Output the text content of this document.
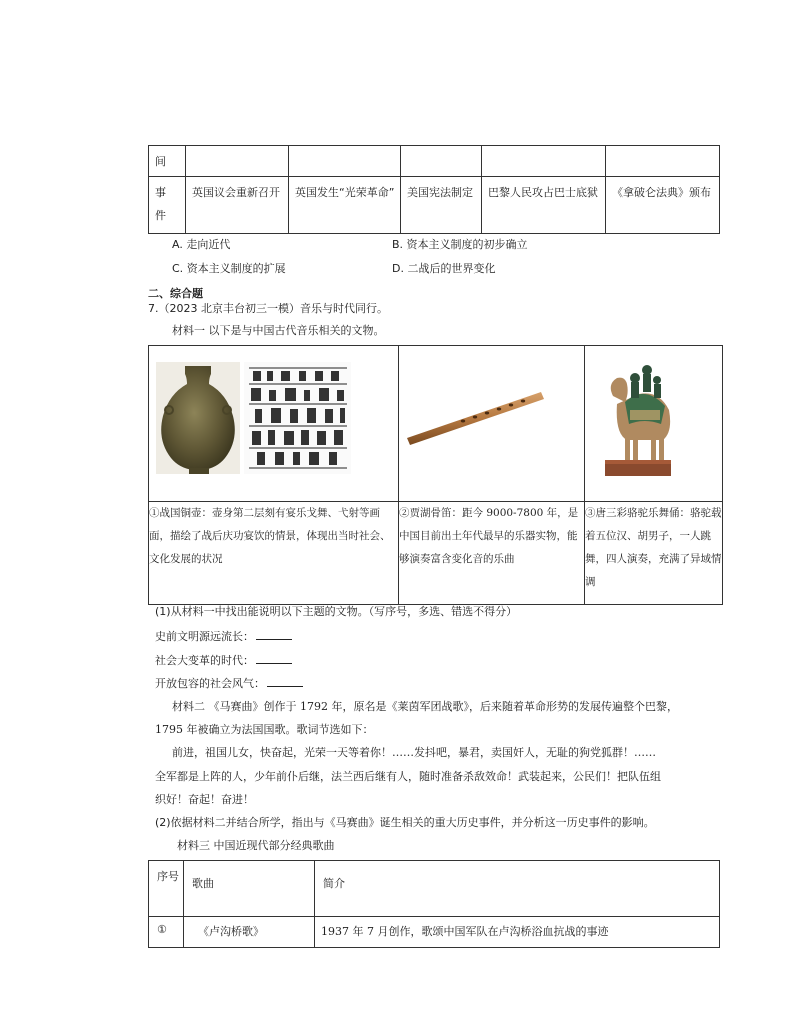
间					
事件	英国议会重新召开	英国发生“光荣革命”	美国宪法制定	巴黎人民攻占巴士底狱	《拿破仑法典》颁布
A. 走向近代	B. 资本主义制度的初步确立
C. 资本主义制度的扩展	D. 二战后的世界变化
二、综合题
7.（2023 北京丰台初三一模）音乐与时代同行。
材料一 以下是与中国古代音乐相关的文物。

①战国铜壶：壶身第二层刻有宴乐戈舞、弋射等画面，描绘了战后庆功宴饮的情景，体现出当时社会、文化发展的状况	②贾湖骨笛：距今 9000-7800 年，是中国目前出土年代最早的乐器实物，能够演奏富含变化音的乐曲	③唐三彩骆驼乐舞俑：骆驼载着五位汉、胡男子，一人跳舞，四人演奏，充满了异域情调
(1)从材料一中找出能说明以下主题的文物。（写序号，多选、错选不得分）
史前文明源远流长：
社会大变革的时代：
开放包容的社会风气：
材料二 《马赛曲》创作于 1792 年，原名是《莱茵军团战歌》，后来随着革命形势的发展传遍整个巴黎，
1795 年被确立为法国国歌。歌词节选如下：
前进，祖国儿女，快奋起，光荣一天等着你！……发抖吧，暴君，卖国奸人，无耻的狗党狐群！……
全军都是上阵的人，少年前仆后继，法兰西后继有人，随时准备杀敌效命！武装起来，公民们！把队伍组
织好！奋起！奋进！
(2)依据材料二并结合所学，指出与《马赛曲》诞生相关的重大历史事件，并分析这一历史事件的影响。
材料三 中国近现代部分经典歌曲
序号	歌曲	简介
①	《卢沟桥歌》	1937 年 7 月创作，歌颂中国军队在卢沟桥浴血抗战的事迹
